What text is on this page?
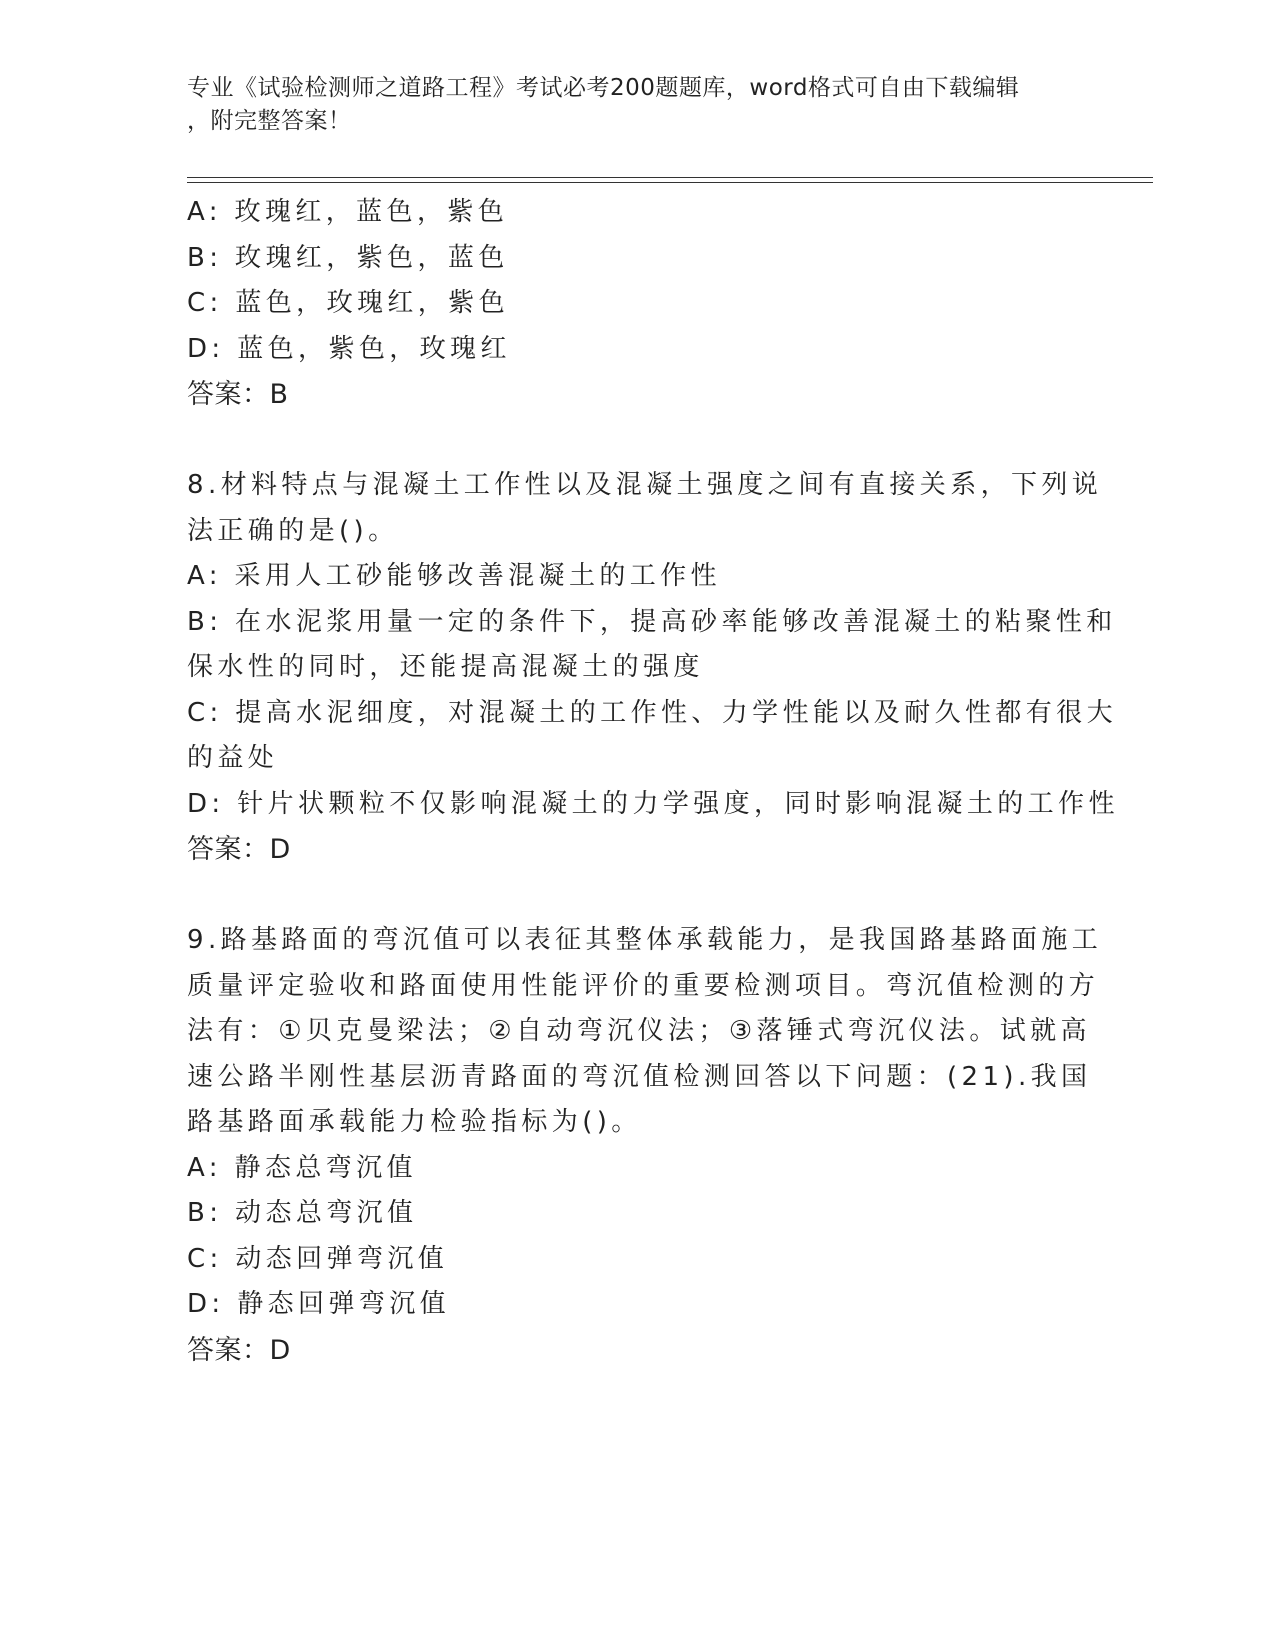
专业《试验检测师之道路工程》考试必考200题题库，word格式可自由下载编辑
，附完整答案！
A: 玫瑰红，蓝色，紫色
B: 玫瑰红，紫色，蓝色
C: 蓝色，玫瑰红，紫色
D: 蓝色，紫色，玫瑰红
答案：B
8.材料特点与混凝土工作性以及混凝土强度之间有直接关系，下列说
法正确的是()。
A: 采用人工砂能够改善混凝土的工作性
B: 在水泥浆用量一定的条件下，提高砂率能够改善混凝土的粘聚性和
保水性的同时，还能提高混凝土的强度
C: 提高水泥细度，对混凝土的工作性、力学性能以及耐久性都有很大
的益处
D: 针片状颗粒不仅影响混凝土的力学强度，同时影响混凝土的工作性
答案：D
9.路基路面的弯沉值可以表征其整体承载能力，是我国路基路面施工
质量评定验收和路面使用性能评价的重要检测项目。弯沉值检测的方
法有：①贝克曼梁法；②自动弯沉仪法；③落锤式弯沉仪法。试就高
速公路半刚性基层沥青路面的弯沉值检测回答以下问题：(21).我国
路基路面承载能力检验指标为()。
A: 静态总弯沉值
B: 动态总弯沉值
C: 动态回弹弯沉值
D: 静态回弹弯沉值
答案：D
